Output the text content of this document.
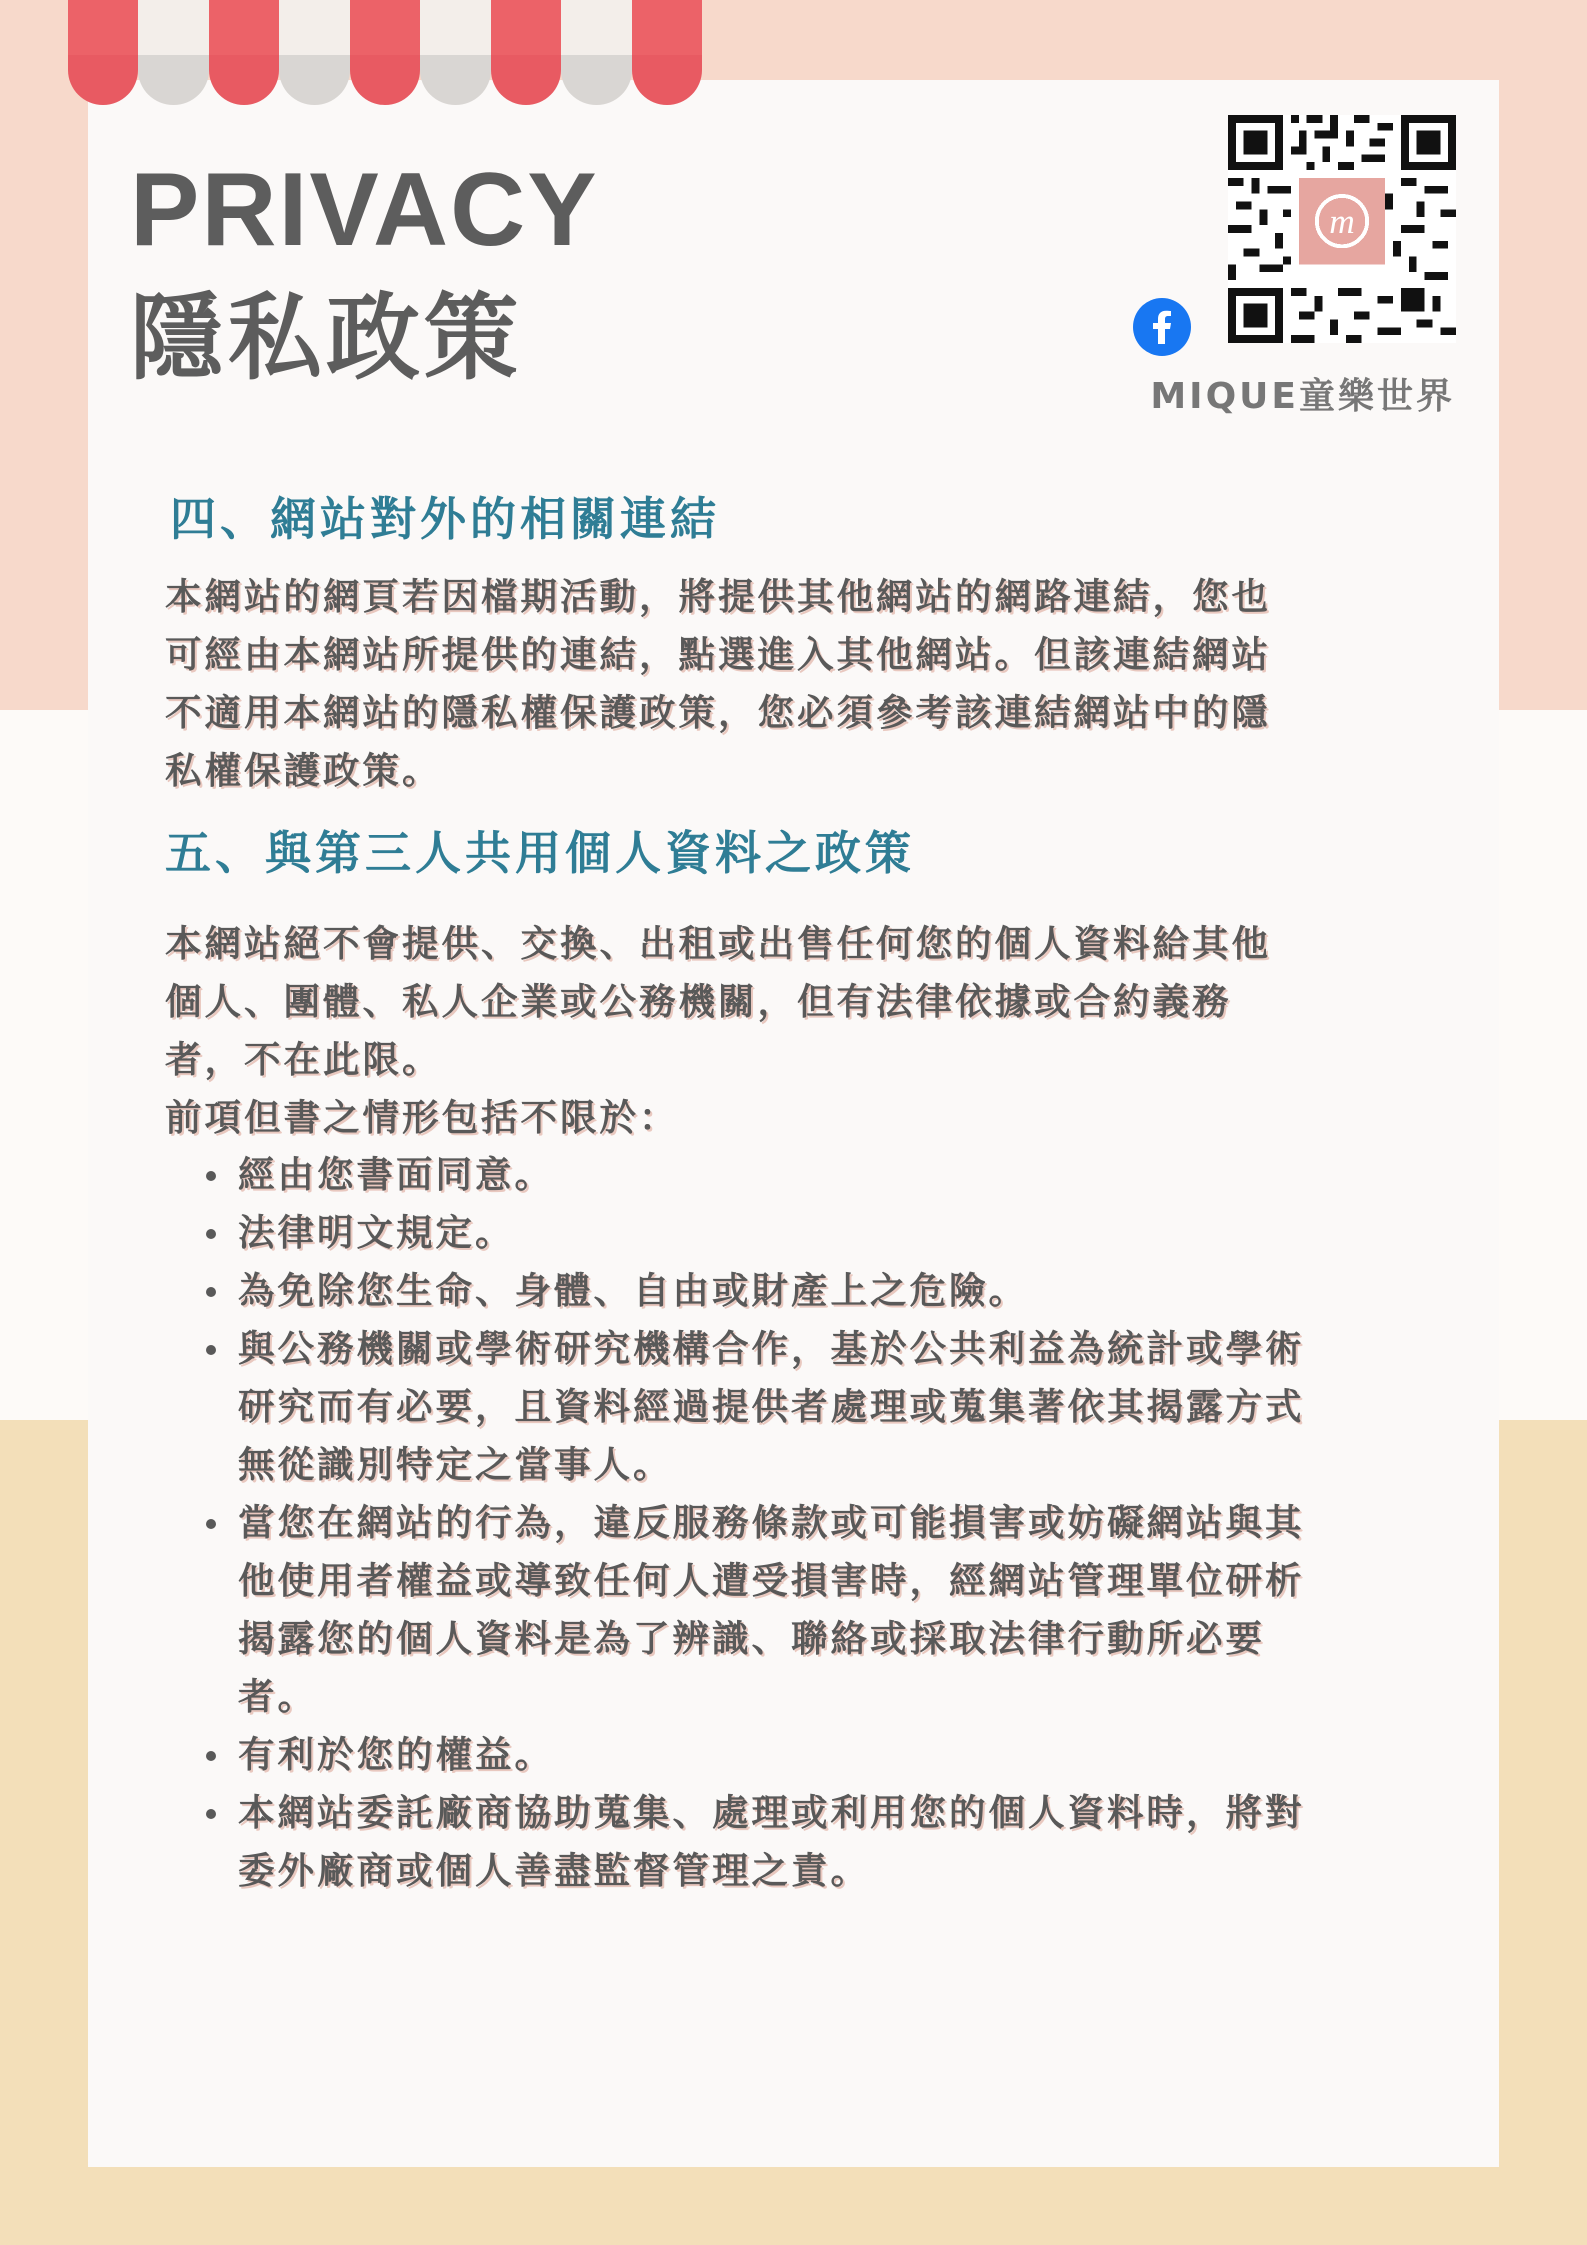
PRIVACY
隱私政策
m
MIQUE童樂世界
四、網站對外的相關連結
本網站的網頁若因檔期活動，將提供其他網站的網路連結，您也
可經由本網站所提供的連結，點選進入其他網站。但該連結網站
不適用本網站的隱私權保護政策，您必須參考該連結網站中的隱
私權保護政策。
五、與第三人共用個人資料之政策
本網站絕不會提供、交換、出租或出售任何您的個人資料給其他
個人、團體、私人企業或公務機關，但有法律依據或合約義務
者，不在此限。
前項但書之情形包括不限於：
經由您書面同意。
法律明文規定。
為免除您生命、身體、自由或財產上之危險。
與公務機關或學術研究機構合作，基於公共利益為統計或學術
研究而有必要，且資料經過提供者處理或蒐集著依其揭露方式
無從識別特定之當事人。
當您在網站的行為，違反服務條款或可能損害或妨礙網站與其
他使用者權益或導致任何人遭受損害時，經網站管理單位研析
揭露您的個人資料是為了辨識、聯絡或採取法律行動所必要
者。
有利於您的權益。
本網站委託廠商協助蒐集、處理或利用您的個人資料時，將對
委外廠商或個人善盡監督管理之責。
